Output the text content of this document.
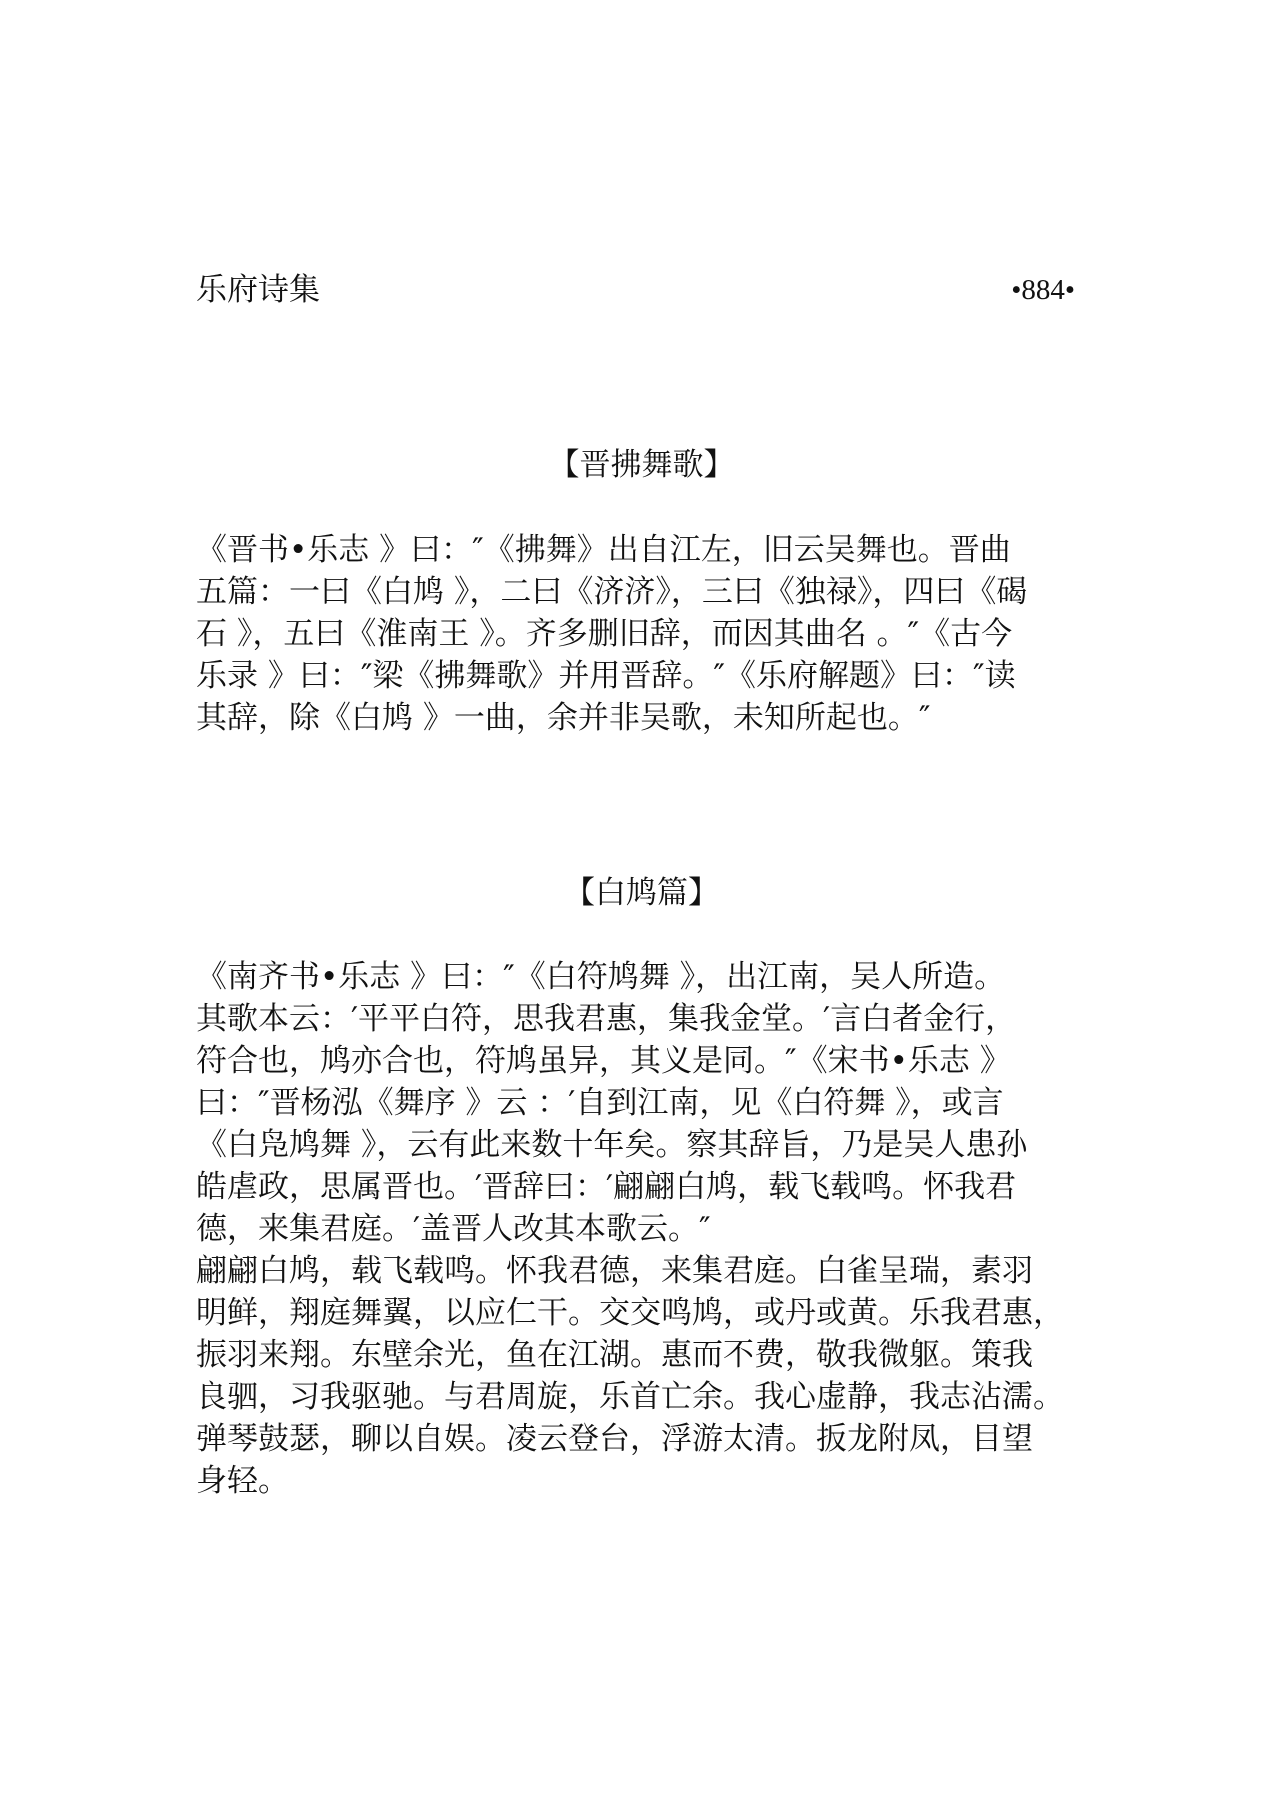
乐府诗集	•884•
【晋拂舞歌】
《晋书•乐志 》曰：″《拂舞》出自江左，旧云吴舞也。晋曲
五篇：一曰《白鸠 》，二曰《济济》，三曰《独禄》，四曰《碣
石 》，五曰《淮南王 》。齐多删旧辞，而因其曲名 。″《古今
乐录 》曰：″梁《拂舞歌》并用晋辞。″《乐府解题》曰：″读
其辞，除《白鸠 》一曲，余并非吴歌，未知所起也。″
【白鸠篇】
《南齐书•乐志 》曰：″《白符鸠舞 》，出江南，吴人所造。
其歌本云：′平平白符，思我君惠，集我金堂。′言白者金行，
符合也，鸠亦合也，符鸠虽异，其义是同。″《宋书•乐志 》
曰：″晋杨泓《舞序 》云 ：′自到江南，见《白符舞 》，或言
《白凫鸠舞 》，云有此来数十年矣。察其辞旨，乃是吴人患孙
皓虐政，思属晋也。′晋辞曰：′翩翩白鸠，载飞载鸣。怀我君
德，来集君庭。′盖晋人改其本歌云。″
翩翩白鸠，载飞载鸣。怀我君德，来集君庭。白雀呈瑞，素羽
明鲜，翔庭舞翼，以应仁干。交交鸣鸠，或丹或黄。乐我君惠，
振羽来翔。东壁余光，鱼在江湖。惠而不费，敬我微躯。策我
良驷，习我驱驰。与君周旋，乐首亡余。我心虚静，我志沾濡。
弹琴鼓瑟，聊以自娱。凌云登台，浮游太清。扳龙附凤，目望
身轻。
